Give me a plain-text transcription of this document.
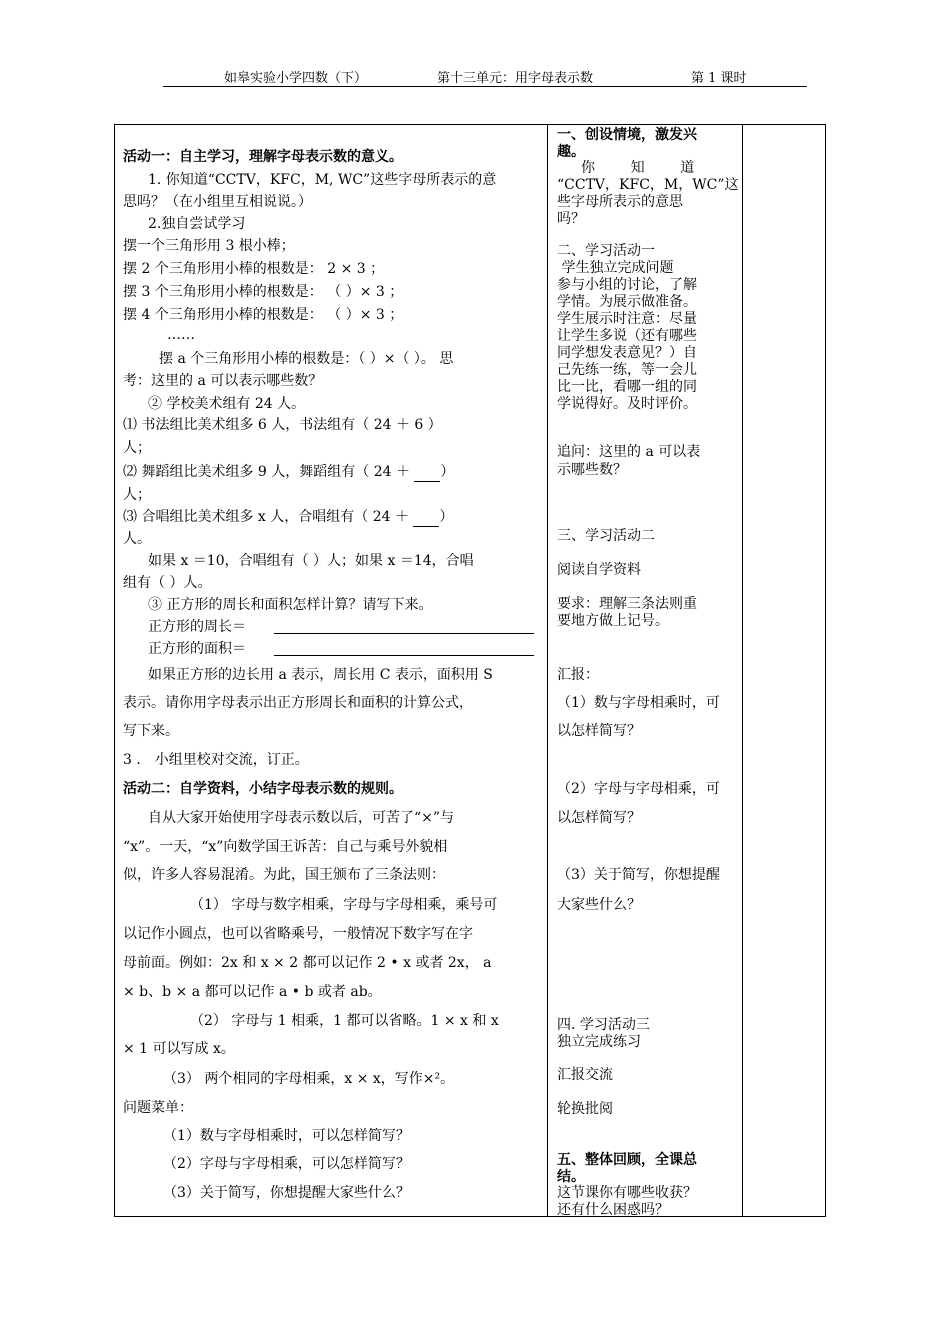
如皋实验小学四数（下）	第十三单元：用字母表示数	第 1 课时
活动一：自主学习，理解字母表示数的意义。
1. 你知道“CCTV，KFC，M, WC”这些字母所表示的意
思吗？（在小组里互相说说。）
2.独自尝试学习
摆一个三角形用 3 根小棒；
摆 2 个三角形用小棒的根数是： 2 × 3 ；
摆 3 个三角形用小棒的根数是： （ ）× 3 ；
摆 4 个三角形用小棒的根数是： （ ）× 3 ；
……
摆 a 个三角形用小棒的根数是：（ ）×（ ）。 思
考：这里的 a 可以表示哪些数？
② 学校美术组有 24 人。
⑴ 书法组比美术组多 6 人，书法组有（ 24 ＋ 6 ）
人；
⑵ 舞蹈组比美术组多 9 人，舞蹈组有（ 24 ＋  ）
人；
⑶ 合唱组比美术组多 x 人，合唱组有（ 24 ＋  ）
人。
如果 x ＝10，合唱组有（ ）人；如果 x ＝14，合唱
组有（ ）人。
③ 正方形的周长和面积怎样计算？请写下来。
正方形的周长＝
正方形的面积＝
如果正方形的边长用 a 表示，周长用 C 表示，面积用 S
表示。请你用字母表示出正方形周长和面积的计算公式，
写下来。
3 ． 小组里校对交流，订正。
活动二：自学资料，小结字母表示数的规则。
自从大家开始使用字母表示数以后，可苦了“×”与
“x”。一天，“x”向数学国王诉苦：自己与乘号外貌相
似，许多人容易混淆。为此，国王颁布了三条法则：
（1） 字母与数字相乘，字母与字母相乘，乘号可
以记作小圆点，也可以省略乘号，一般情况下数字写在字
母前面。例如：2x 和 x × 2 都可以记作 2 • x 或者 2x， a
× b、b × a 都可以记作 a • b 或者 ab。
（2） 字母与 1 相乘，1 都可以省略。1 × x 和 x
× 1 可以写成 x。
（3） 两个相同的字母相乘，x × x，写作×²。
问题菜单：
（1）数与字母相乘时，可以怎样简写？
（2）字母与字母相乘，可以怎样简写？
（3）关于简写，你想提醒大家些什么？
一、创设情境，激发兴
趣。
你        知        道
“CCTV，KFC，M，WC”这
些字母所表示的意思
吗？
二、学习活动一
学生独立完成问题
参与小组的讨论，了解
学情。为展示做准备。
学生展示时注意：尽量
让学生多说（还有哪些
同学想发表意见？）自
己先练一练，等一会儿
比一比，看哪一组的同
学说得好。及时评价。
追问：这里的 a 可以表
示哪些数？
三、学习活动二
阅读自学资料
要求：理解三条法则重
要地方做上记号。
汇报：
（1）数与字母相乘时，可
以怎样简写？
（2）字母与字母相乘，可
以怎样简写？
（3）关于简写，你想提醒
大家些什么？
四. 学习活动三
独立完成练习
汇报交流
轮换批阅
五、整体回顾，全课总
结。
这节课你有哪些收获？
还有什么困惑吗？
